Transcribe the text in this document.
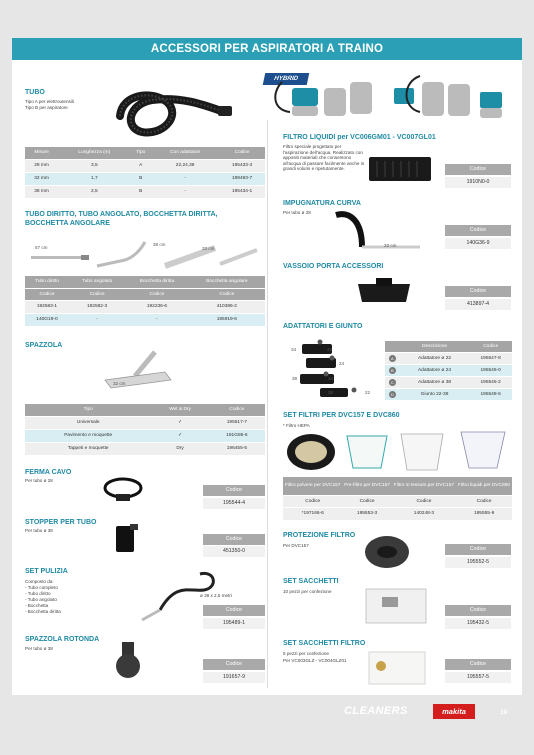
ACCESSORI PER ASPIRATORI A TRAINO
TUBO
Tipo A per elettroutensili
Tipo B per aspiratore
Misure	Lunghezza (m)	Tipo	Con adattatori	Codice
28 mm	3,5	A	22,24,38	195433-3
32 mm	1,7	B	-	199493-7
38 mm	2,5	B	-	195434-1
TUBO DIRITTO, TUBO ANGOLATO, BOCCHETTA DIRITTA, BOCCHETTA ANGOLARE
57 cm
38 cm
33 cm
Tubo diritto	Tubo angolato	Bocchetta diritta	Bocchetta angolare
Codice	Codice	Codice	Codice
192583-1	192582-3	192236-6	410386-2
140G19-0	-	-	195919-6
SPAZZOLA
32 cm
Tipo	Wet & Dry	Codice
Universale	✓	195517-7
Pavimento e moquette	✓	191G86-6
Tappeti e moquette	Dry	196455-5
FERMA CAVO
Per tubo ø 28
Codice
195544-4
STOPPER PER TUBO
Per tubo ø 38
Codice
451350-0
SET PULIZIA
Composto da:
- Tubo completo
- Tubo diritto
- Tubo angolato
- Bocchetta
- Bocchetta diritta
ø 38 x 2,5 metri
Codice
195489-1
SPAZZOLA ROTONDA
Per tubo ø 38
Codice
191657-9
HYBRID
FILTRO LIQUIDI per VC006GM01 - VC007GL01
Filtro speciale progettato per l'aspirazione dell'acqua. Realizzato con appositi materiali che consentono all'acqua di passare facilmente anche in grandi volumi e ripetutamente.	Codice
1910N0-0
IMPUGNATURA CURVA
Per tubo ø 28
33 cm
Codice
140G36-9
VASSOIO PORTA ACCESSORI
Codice
413897-4
ADATTATORI E GIUNTO
34	22
24
38	34
38	22
	Descrizione	Codice
A	Adattatore ø 22	195547-8
B	Adattatore ø 24	195546-0
C	Adattatore ø 38	195545-2
D	Giunto 22-38	195548-6
SET FILTRI PER DVC157 E DVC860
* Filtro HEPA
Filtro polvere per DVC157	Pre-filtro per DVC157	Filtro in tessuto per DVC157	Filtro liquidi per DVC860
Codice	Codice	Codice	Codice
*197166-6	195553-3	140248-3	195555-9
PROTEZIONE FILTRO
Per DVC157
Codice
195552-5
SET SACCHETTI
10 pezzi per confezione
Codice
195432-5
SET SACCHETTI FILTRO
5 pezzi per confezione
Per VC003GLZ - VC004GLZ01
Codice
195557-5
CLEANERS	makita	19
